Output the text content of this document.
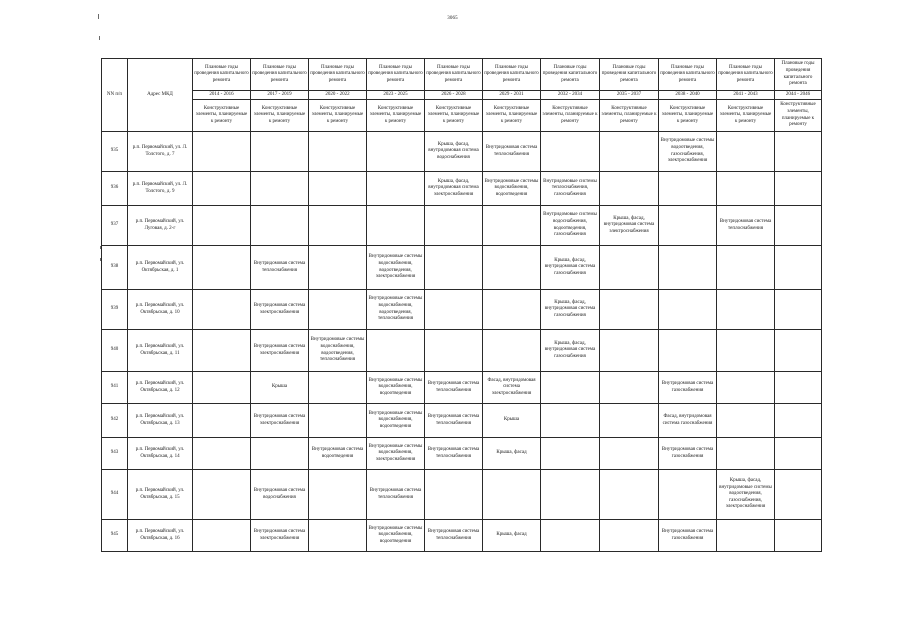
3065
NN п/п	Адрес МКД	Плановые годы проведения капитального ремонта	Плановые годы проведения капитального ремонта	Плановые годы проведения капитального ремонта	Плановые годы проведения капитального ремонта	Плановые годы проведения капитального ремонта	Плановые годы проведения капитального ремонта	Плановые годы проведения капитального ремонта	Плановые годы проведения капитального ремонта	Плановые годы проведения капитального ремонта	Плановые годы проведения капитального ремонта	Плановые годы проведения капитального ремонта
		2014 - 2016	2017 - 2019	2020 - 2022	2023 - 2025	2026 - 2028	2029 - 2031	2032 - 2034	2035 - 2037	2038 - 2040	2041 - 2043	2044 - 2046
		Конструктивные элементы, планируемые к ремонту	Конструктивные элементы, планируемые к ремонту	Конструктивные элементы, планируемые к ремонту	Конструктивные элементы, планируемые к ремонту	Конструктивные элементы, планируемые к ремонту	Конструктивные элементы, планируемые к ремонту	Конструктивные элементы, планируемые к ремонту	Конструктивные элементы, планируемые к ремонту	Конструктивные элементы, планируемые к ремонту	Конструктивные элементы, планируемые к ремонту	Конструктивные элементы, планируемые к ремонту
935	р.п. Первомайский, ул. Л. Толстого, д. 7					Крыша, фасад, внутридомовая система водоснабжения	Внутридомовая система теплоснабжения			Внутридомовые системы водоотведения, газоснабжения, электроснабжения		
936	р.п. Первомайский, ул. Л. Толстого, д. 9					Крыша, фасад, внутридомовая система электроснабжения	Внутридомовые системы водоснабжения, водоотведения	Внутридомовые системы теплоснабжения, газоснабжения				
937	р.п. Первомайский, ул. Луговая, д. 2-г							Внутридомовые системы водоснабжения, водоотведения, газоснабжения	Крыша, фасад, внутридомовая система электроснабжения		Внутридомовая система теплоснабжения	
938	р.п. Первомайский, ул. Октябрьская, д. 1		Внутридомовая система теплоснабжения		Внутридомовые системы водоснабжения, водоотведения, электроснабжения			Крыша, фасад, внутридомовая система газоснабжения				
939	р.п. Первомайский, ул. Октябрьская, д. 10		Внутридомовая система электроснабжения		Внутридомовые системы водоснабжения, водоотведения, теплоснабжения			Крыша, фасад, внутридомовая система газоснабжения				
940	р.п. Первомайский, ул. Октябрьская, д. 11		Внутридомовая система электроснабжения	Внутридомовые системы водоснабжения, водоотведения, теплоснабжения				Крыша, фасад, внутридомовая система газоснабжения				
941	р.п. Первомайский, ул. Октябрьская, д. 12		Крыша		Внутридомовые системы водоснабжения, водоотведения	Внутридомовая система теплоснабжения	Фасад, внутридомовая система электроснабжения			Внутридомовая система газоснабжения		
942	р.п. Первомайский, ул. Октябрьская, д. 13		Внутридомовая система электроснабжения		Внутридомовые системы водоснабжения, водоотведения	Внутридомовая система теплоснабжения	Крыша			Фасад, внутридомовая система газоснабжения		
943	р.п. Первомайский, ул. Октябрьская, д. 14			Внутридомовая система водоотведения	Внутридомовые системы водоснабжения, электроснабжения	Внутридомовая система теплоснабжения	Крыша, фасад			Внутридомовая система газоснабжения		
944	р.п. Первомайский, ул. Октябрьская, д. 15		Внутридомовая система водоснабжения		Внутридомовая система теплоснабжения						Крыша, фасад, внутридомовые системы водоотведения, газоснабжения, электроснабжения	
945	р.п. Первомайский, ул. Октябрьская, д. 16		Внутридомовая система электроснабжения		Внутридомовые системы водоснабжения, водоотведения	Внутридомовая система теплоснабжения	Крыша, фасад			Внутридомовая система газоснабжения		
